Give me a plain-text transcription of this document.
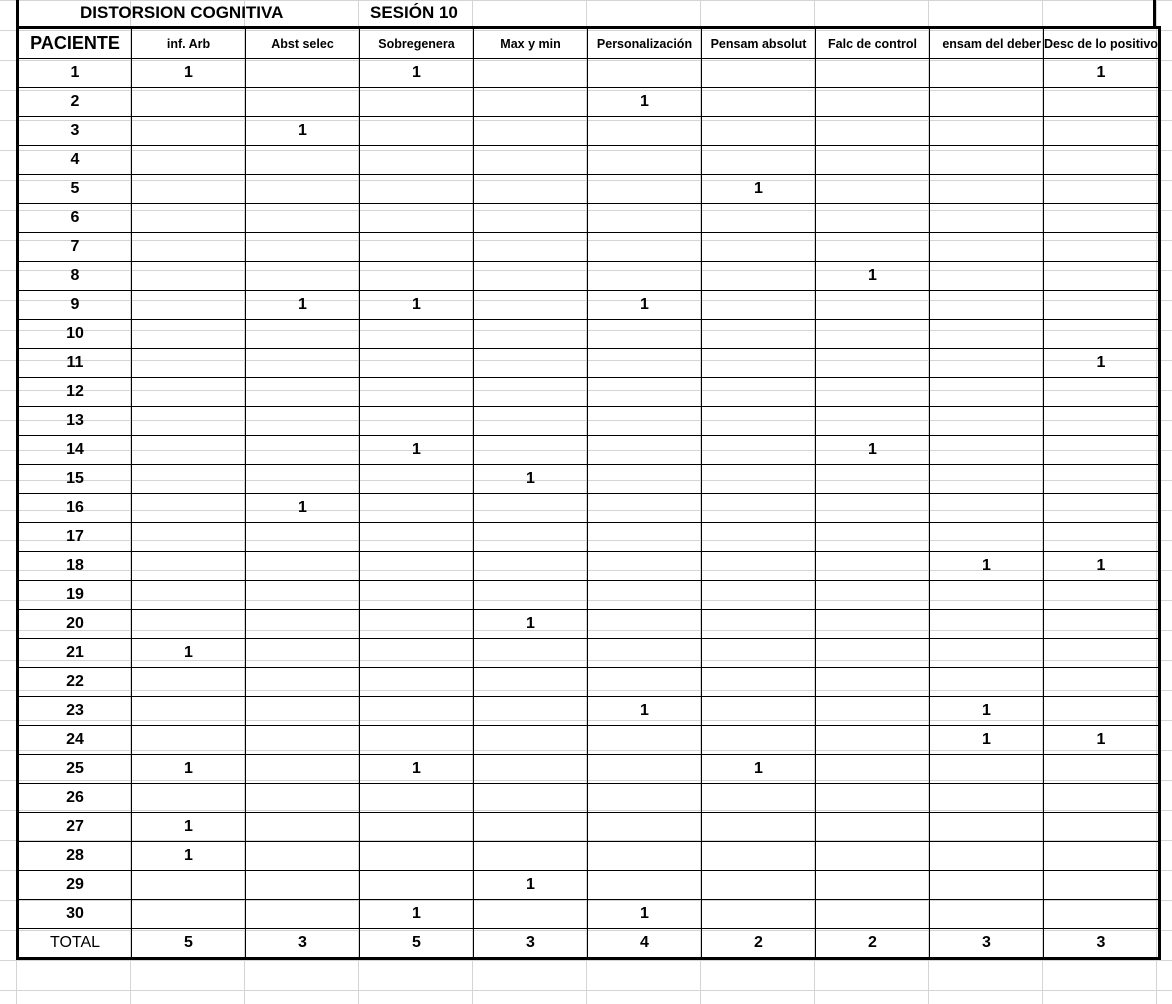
DISTORSION COGNITIVA	SESIÓN 10
PACIENTE	inf. Arb	Abst selec	Sobregenera	Max y min	Personalización	Pensam absolut	Falc de control	ensam del deber	Desc de lo positivo
1	1		1						1
2					1				
3		1							
4									
5						1			
6									
7									
8							1		
9		1	1		1				
10									
11									1
12									
13									
14			1				1		
15				1					
16		1							
17									
18								1	1
19									
20				1					
21	1								
22									
23					1			1	
24								1	1
25	1		1			1			
26									
27	1								
28	1								
29				1					
30			1		1				
TOTAL	5	3	5	3	4	2	2	3	3
